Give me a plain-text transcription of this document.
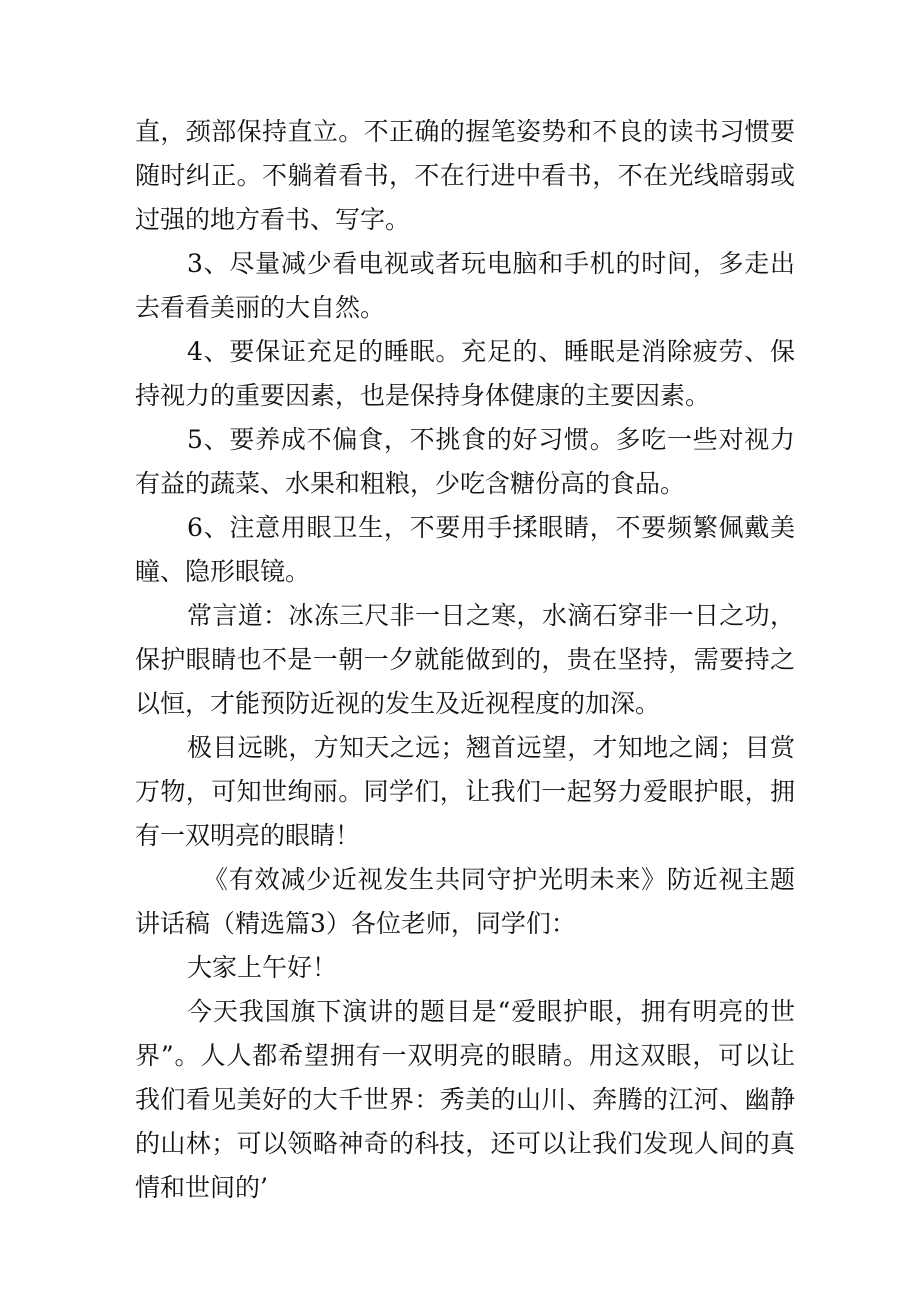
直，颈部保持直立。不正确的握笔姿势和不良的读书习惯要随时纠正。不躺着看书，不在行进中看书，不在光线暗弱或过强的地方看书、写字。

3、尽量减少看电视或者玩电脑和手机的时间，多走出去看看美丽的大自然。

4、要保证充足的睡眠。充足的、睡眠是消除疲劳、保持视力的重要因素，也是保持身体健康的主要因素。

5、要养成不偏食，不挑食的好习惯。多吃一些对视力有益的蔬菜、水果和粗粮，少吃含糖份高的食品。

6、注意用眼卫生，不要用手揉眼睛，不要频繁佩戴美瞳、隐形眼镜。

常言道：冰冻三尺非一日之寒，水滴石穿非一日之功，保护眼睛也不是一朝一夕就能做到的，贵在坚持，需要持之以恒，才能预防近视的发生及近视程度的加深。

极目远眺，方知天之远；翘首远望，才知地之阔；目赏万物，可知世绚丽。同学们，让我们一起努力爱眼护眼，拥有一双明亮的眼睛！

《有效减少近视发生共同守护光明未来》防近视主题讲话稿（精选篇3）各位老师，同学们：

大家上午好！

今天我国旗下演讲的题目是“爱眼护眼，拥有明亮的世界”。人人都希望拥有一双明亮的眼睛。用这双眼，可以让我们看见美好的大千世界：秀美的山川、奔腾的江河、幽静的山林；可以领略神奇的科技，还可以让我们发现人间的真情和世间的’
